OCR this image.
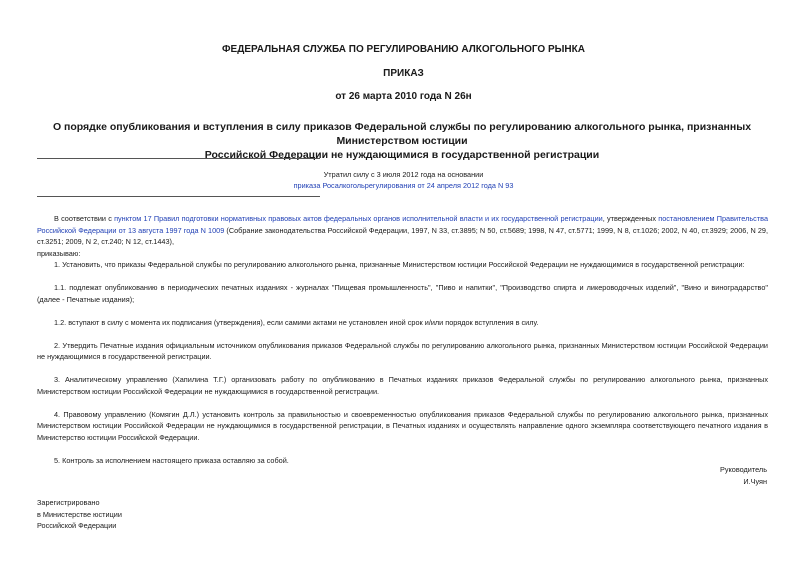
ФЕДЕРАЛЬНАЯ СЛУЖБА ПО РЕГУЛИРОВАНИЮ АЛКОГОЛЬНОГО РЫНКА
ПРИКАЗ
от 26 марта 2010 года N 26н
О порядке опубликования и вступления в силу приказов Федеральной службы по регулированию алкогольного рынка, признанных Министерством юстиции
Российской Федерации не нуждающимися в государственной регистрации
Утратил силу с 3 июля 2012 года на основании
приказа Росалкогольрегулирования от 24 апреля 2012 года N 93

В соответствии с пунктом 17 Правил подготовки нормативных правовых актов федеральных органов исполнительной власти и их государственной регистрации, утвержденных постановлением Правительства Российской Федерации от 13 августа 1997 года N 1009 (Собрание законодательства Российской Федерации, 1997, N 33, ст.3895; N 50, ст.5689; 1998, N 47, ст.5771; 1999, N 8, ст.1026; 2002, N 40, ст.3929; 2006, N 29, ст.3251; 2009, N 2, ст.240; N 12, ст.1443),

приказываю:

1. Установить, что приказы Федеральной службы по регулированию алкогольного рынка, признанные Министерством юстиции Российской Федерации не нуждающимися в государственной регистрации:

1.1. подлежат опубликованию в периодических печатных изданиях - журналах "Пищевая промышленность", "Пиво и напитки", "Производство спирта и ликероводочных изделий", "Вино и виноградарство" (далее - Печатные издания);

1.2. вступают в силу с момента их подписания (утверждения), если самими актами не установлен иной срок и/или порядок вступления в силу.

2. Утвердить Печатные издания официальным источником опубликования приказов Федеральной службы по регулированию алкогольного рынка, признанных Министерством юстиции Российской Федерации не нуждающимися в государственной регистрации.

3. Аналитическому управлению (Хапилина Т.Г.) организовать работу по опубликованию в Печатных изданиях приказов Федеральной службы по регулированию алкогольного рынка, признанных Министерством юстиции Российской Федерации не нуждающимися в государственной регистрации.

4. Правовому управлению (Комягин Д.Л.) установить контроль за правильностью и своевременностью опубликования приказов Федеральной службы по регулированию алкогольного рынка, признанных Министерством юстиции Российской Федерации не нуждающимися в государственной регистрации, в Печатных изданиях и осуществлять направление одного экземпляра соответствующего печатного издания в Министерство юстиции Российской Федерации.

5. Контроль за исполнением настоящего приказа оставляю за собой.

Руководитель
И.Чуян
Зарегистрировано
в Министерстве юстиции
Российской Федерации
